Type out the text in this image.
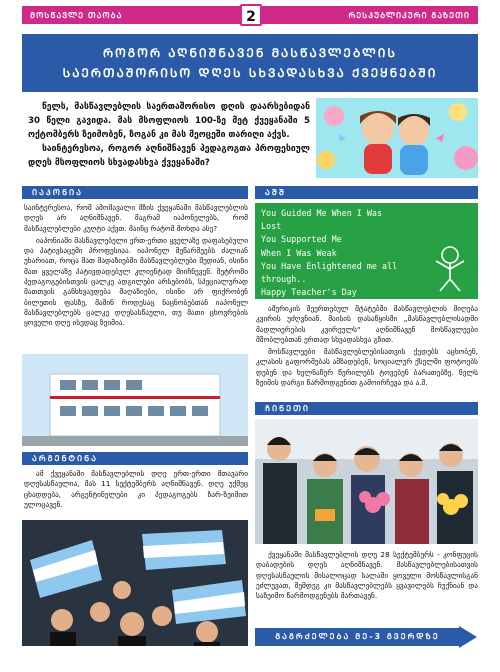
ᲛᲝᲡᲬᲐᲕᲚᲔ ᲗᲐᲝᲑᲐ	2	ᲠᲔᲡᲞᲣᲑᲚᲘᲙᲣᲠᲘ ᲒᲐᲖᲔᲗᲘ
ᲠᲝᲒᲝᲠ ᲐᲦᲜᲘᲨᲜᲐᲕᲔᲜ ᲛᲐᲡᲬᲐᲕᲚᲔᲑᲚᲘᲡ
ᲡᲐᲔᲠᲗᲐᲨᲝᲠᲘᲡᲝ ᲓᲦᲔᲡ ᲡᲮᲕᲐᲓᲐᲡᲮᲕᲐ ᲥᲕᲔᲧᲜᲔᲑᲨᲘ
წელს, მასწავლებლის საერთაშორისო დღის დაარსებიდან 30 წელი გავიდა. მას მსოფლიოს 100-ზე მეტ ქვეყანაში 5 ოქტომბერს ზეიმობენ, ზოგან კი მას მეოცეში თარიღი აქვს.
საინტერესოა, როგორ აღნიშნავენ პედაგოგთა პროფესიულ დღეს მსოფლიოს სხვადასხვა ქვეყანაში?
ᲘᲐᲞᲝᲜᲘᲐ
საინტერესოა, რომ ამომავალი მზის ქვეყანაში მასწავლებლის დღეს არ აღნიშნავენ. მაგრამ იაპონელებს, რომ მასწავლებლები კუღტი აქვთ. მაინც რატომ მოხდა ასე?
იაპონიაში მასწავლებელი ერთ-ერთი ყველაზე დაფასებული და პატივსაცემი პროფესიაა. იაპონელ მეწარმეებს ძალიან უხარიათ, როცა მათ მადაზიებში მასწავლებლები შედიან, ისინი მათ ყველაზე პატივდადებულ კლიენტად მიიჩნევენ. მეტროში პედაგოგებისთვის ცალკე ადგილები არსებობს, სპეციალურად მათთვის განსხვავდება მაღაზიები, ისინი არ ფიქრობენ ბილეთის ფასზე, მაშინ როდესაც ნაცნობებთან იაპონელ მასწავლებლებს ცალკე დღესასწაული, თუ მათი ცხოვრების ყოველი დღე ისედაც ზეიმია.
ᲐᲠᲒᲔᲜᲢᲘᲜᲐ
ამ ქვეყანაში მასწავლებლის დღე ერთ-ერთი მთავარი დღესასწაულია, მას 11 სექტემბერს აღნიშნავენ. დღე უქმეც ცხადდება, არგენტინელები კი პედაგოგებს ზარ-ზეიმით ულოცავენ.
ᲐᲨᲨ
You Guided Me When I Was
Lost
You Supported Me
When I Was Weak
You Have Enlightened me all
through..
Happy Teacher's Day
ამერიკის შეერთებულ შტატებში მასწავლებლის მიღება კვირის უძღვნიან. მაისის დასაწყისში „მასწავლებლისადმი მადლიერების კვირეულს“ აღნიშნავენ მოსწავლეები მშობლებთან ერთად სხვადასხვა გზით.
მოსწავლეები მასწავლებლებისათვის ქედებს აცხობენ, კლასის გაფორმებას ამზადებენ, სოციალურ ქსელში ფოტოებს დებენ და ხელნაწერ წერილებს ტოვებენ ბარათებზე. წელს ზეიმის დარგი წარმოდგენით გამოირჩევა და ა.შ.
ᲩᲘᲜᲔᲗᲘ
ქვეყანაში მასწავლებლის დღე 28 სექტემბერს - კონფუცის დაბადების დღეს აღნიშნავენ. მასწავლებლებისათვის დღესასწაულის მისალოცად სალამი ყოველი მოსწავლისგან ეძლევათ, შემდეგ კი მასწავლებლებს ყვავილებს ჩუქნიან და საზეიმო წარმოდგენებს მართავენ.
ᲒᲐᲒᲠᲫᲔᲚᲔᲑᲐ ᲛᲔ-3 ᲒᲕᲔᲠᲓᲖᲔ
